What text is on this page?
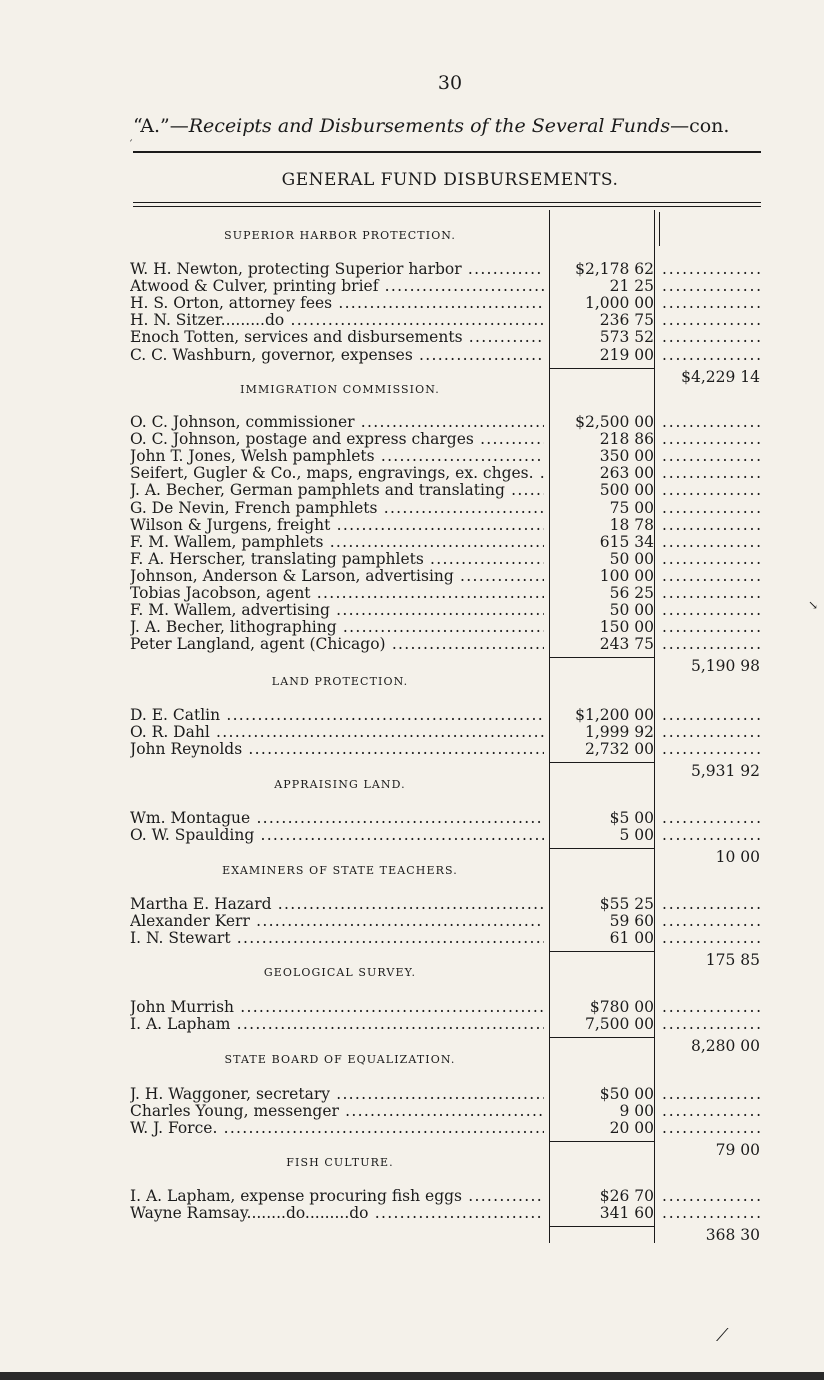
30
“A.”—Receipts and Disbursements of the Several Funds—con.
´
GENERAL FUND DISBURSEMENTS.
SUPERIOR HARBOR PROTECTION.
W. H. Newton, protecting Superior harbor .....	$2,178 62 ...............
Atwood & Culver, printing brief .....	21 25 ...............
H. S. Orton, attorney fees .....	1,000 00 ...............
H. N. Sitzer.........do .....	236 75 ...............
Enoch Totten, services and disbursements .....	573 52 ...............
C. C. Washburn, governor, expenses .....	219 00 ...............
$4,229 14
IMMIGRATION COMMISSION.
O. C. Johnson, commissioner .....	$2,500 00 ...............
O. C. Johnson, postage and express charges .....	218 86 ...............
John T. Jones, Welsh pamphlets .....	350 00 ...............
Seifert, Gugler & Co., maps, engravings, ex. chges. .....	263 00 ...............
J. A. Becher, German pamphlets and translating .....	500 00 ...............
G. De Nevin, French pamphlets .....	75 00 ...............
Wilson & Jurgens, freight .....	18 78 ...............
F. M. Wallem, pamphlets .....	615 34 ...............
F. A. Herscher, translating pamphlets .....	50 00 ...............
Johnson, Anderson & Larson, advertising .....	100 00 ...............
Tobias Jacobson, agent .....	56 25 ...............
F. M. Wallem, advertising .....	50 00 ...............
J. A. Becher, lithographing .....	150 00 ...............
Peter Langland, agent (Chicago) .....	243 75 ...............
5,190 98
LAND PROTECTION.
D. E. Catlin .....	$1,200 00 ...............
O. R. Dahl .....	1,999 92 ...............
John Reynolds .....	2,732 00 ...............
5,931 92
APPRAISING LAND.
Wm. Montague .....	$5 00 ...............
O. W. Spaulding .....	5 00 ...............
10 00
EXAMINERS OF STATE TEACHERS.
Martha E. Hazard .....	$55 25 ...............
Alexander Kerr .....	59 60 ...............
I. N. Stewart .....	61 00 ...............
175 85
GEOLOGICAL SURVEY.
John Murrish .....	$780 00 ...............
I. A. Lapham .....	7,500 00 ...............
8,280 00
STATE BOARD OF EQUALIZATION.
J. H. Waggoner, secretary .....	$50 00 ...............
Charles Young, messenger .....	9 00 ...............
W. J. Force. .....	20 00 ...............
79 00
FISH CULTURE.
I. A. Lapham, expense procuring fish eggs .....	$26 70 ...............
Wayne Ramsay........do.........do .....	341 60 ...............
368 30
↘
⟋
